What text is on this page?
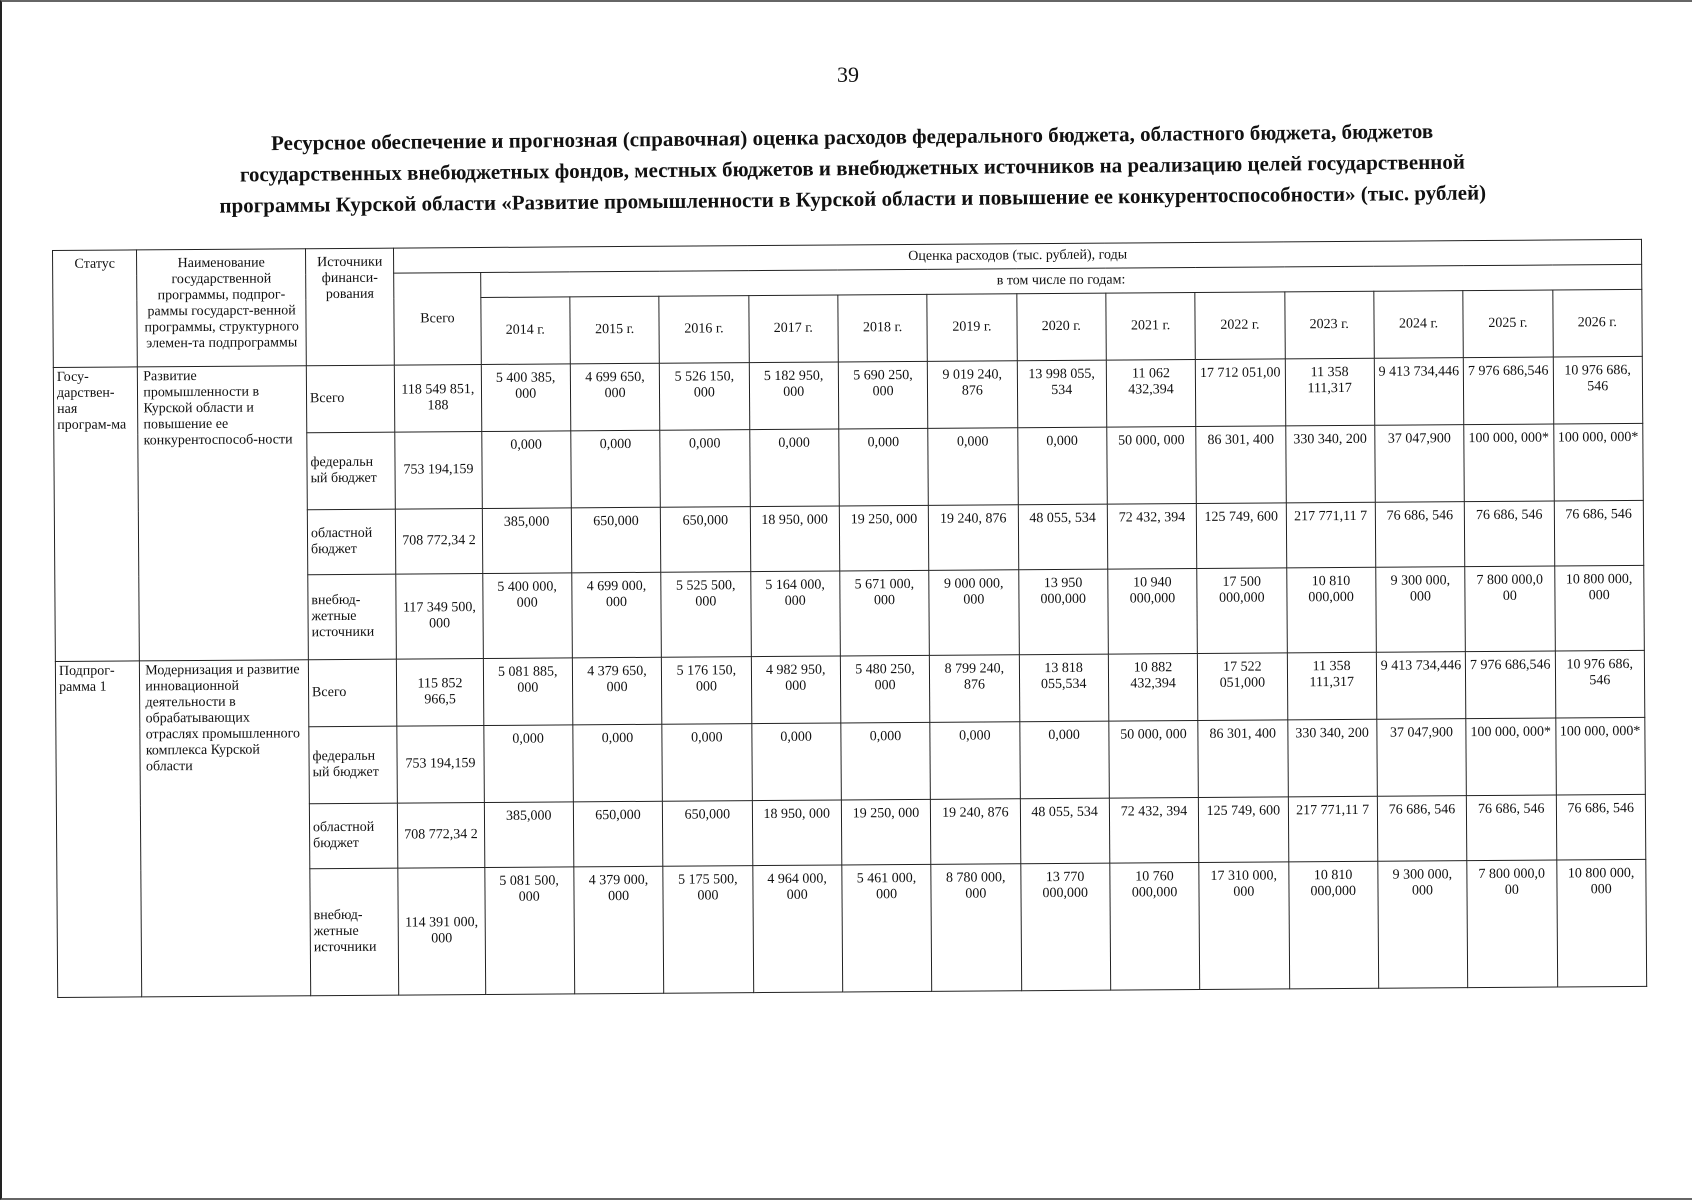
39
Ресурсное обеспечение и прогнозная (справочная) оценка расходов федерального бюджета, областного бюджета, бюджетов
государственных внебюджетных фондов, местных бюджетов и внебюджетных источников на реализацию целей государственной
программы Курской области «Развитие промышленности в Курской области и повышение ее конкурентоспособности» (тыс. рублей)
Статус	Наименование государственной программы, подпрог-раммы государст-венной программы, структурного элемен-та подпрограммы	Источники финанси-рования	Оценка расходов (тыс. рублей), годы													
			Всего	в том числе по годам:												
				2014 г.	2015 г.	2016 г.	2017 г.	2018 г.	2019 г.	2020 г.	2021 г.	2022 г.	2023 г.	2024 г.	2025 г.	2026 г.
Госу-дарствен-ная програм-ма	Развитие промышленности в Курской области и повышение ее конкурентоспособ-ности	Всего	118 549 851, 188	5 400 385, 000	4 699 650, 000	5 526 150, 000	5 182 950, 000	5 690 250, 000	9 019 240, 876	13 998 055, 534	11 062 432,394	17 712 051,00	11 358 111,317	9 413 734,446	7 976 686,546	10 976 686, 546
		федеральн ый бюджет	753 194,159	0,000	0,000	0,000	0,000	0,000	0,000	0,000	50 000, 000	86 301, 400	330 340, 200	37 047,900	100 000, 000*	100 000, 000*
		областной бюджет	708 772,34 2	385,000	650,000	650,000	18 950, 000	19 250, 000	19 240, 876	48 055, 534	72 432, 394	125 749, 600	217 771,11 7	76 686, 546	76 686, 546	76 686, 546
		внебюд-жетные источники	117 349 500, 000	5 400 000, 000	4 699 000, 000	5 525 500, 000	5 164 000, 000	5 671 000, 000	9 000 000, 000	13 950 000,000	10 940 000,000	17 500 000,000	10 810 000,000	9 300 000, 000	7 800 000,0 00	10 800 000, 000
Подпрог-рамма 1	Модернизация и развитие инновационной деятельности в обрабатывающих отраслях промышленного комплекса Курской области	Всего	115 852 966,5	5 081 885, 000	4 379 650, 000	5 176 150, 000	4 982 950, 000	5 480 250, 000	8 799 240, 876	13 818 055,534	10 882 432,394	17 522 051,000	11 358 111,317	9 413 734,446	7 976 686,546	10 976 686, 546
		федеральн ый бюджет	753 194,159	0,000	0,000	0,000	0,000	0,000	0,000	0,000	50 000, 000	86 301, 400	330 340, 200	37 047,900	100 000, 000*	100 000, 000*
		областной бюджет	708 772,34 2	385,000	650,000	650,000	18 950, 000	19 250, 000	19 240, 876	48 055, 534	72 432, 394	125 749, 600	217 771,11 7	76 686, 546	76 686, 546	76 686, 546
		внебюд-жетные источники	114 391 000, 000	5 081 500, 000	4 379 000, 000	5 175 500, 000	4 964 000, 000	5 461 000, 000	8 780 000, 000	13 770 000,000	10 760 000,000	17 310 000, 000	10 810 000,000	9 300 000, 000	7 800 000,0 00	10 800 000, 000
